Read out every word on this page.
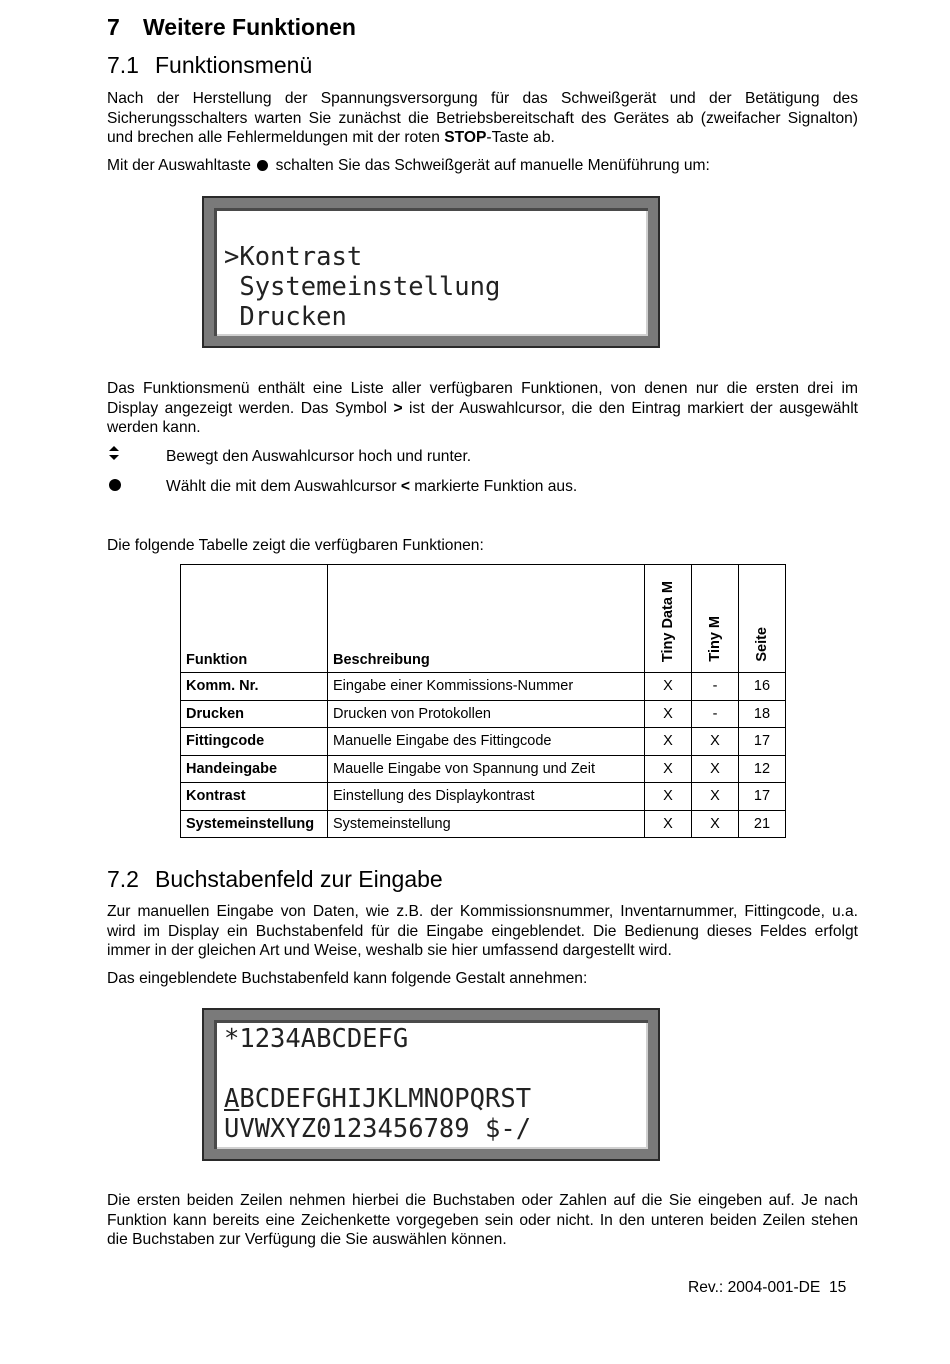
7 Weitere Funktionen
7.1 Funktionsmenü
Nach der Herstellung der Spannungsversorgung für das Schweißgerät und der Betätigung des Sicherungsschalters warten Sie zunächst die Betriebsbereitschaft des Gerätes ab (zweifacher Signalton) und brechen alle Fehlermeldungen mit der roten STOP-Taste ab.
Mit der Auswahltaste schalten Sie das Schweißgerät auf manuelle Menüführung um:
>Kontrast
Systemeinstellung
Drucken
Das Funktionsmenü enthält eine Liste aller verfügbaren Funktionen, von denen nur die ersten drei im Display angezeigt werden. Das Symbol > ist der Auswahlcursor, die den Eintrag markiert der ausgewählt werden kann.
Bewegt den Auswahlcursor hoch und runter.
Wählt die mit dem Auswahlcursor < markierte Funktion aus.
Die folgende Tabelle zeigt die verfügbaren Funktionen:
Funktion	Beschreibung	Tiny Data M	Tiny M	Seite
Komm. Nr.	Eingabe einer Kommissions-Nummer	X	-	16
Drucken	Drucken von Protokollen	X	-	18
Fittingcode	Manuelle Eingabe des Fittingcode	X	X	17
Handeingabe	Mauelle Eingabe von Spannung und Zeit	X	X	12
Kontrast	Einstellung des Displaykontrast	X	X	17
Systemeinstellung	Systemeinstellung	X	X	21
7.2 Buchstabenfeld zur Eingabe
Zur manuellen Eingabe von Daten, wie z.B. der Kommissionsnummer, Inventarnummer, Fittingcode, u.a. wird im Display ein Buchstabenfeld für die Eingabe eingeblendet. Die Bedienung dieses Feldes erfolgt immer in der gleichen Art und Weise, weshalb sie hier umfassend dargestellt wird.
Das eingeblendete Buchstabenfeld kann folgende Gestalt annehmen:
*1234ABCDEFG
ABCDEFGHIJKLMNOPQRST
UVWXYZ0123456789 $-/
Die ersten beiden Zeilen nehmen hierbei die Buchstaben oder Zahlen auf die Sie eingeben auf. Je nach Funktion kann bereits eine Zeichenkette vorgegeben sein oder nicht. In den unteren beiden Zeilen stehen die Buchstaben zur Verfügung die Sie auswählen können.
Rev.: 2004-001-DE 15
